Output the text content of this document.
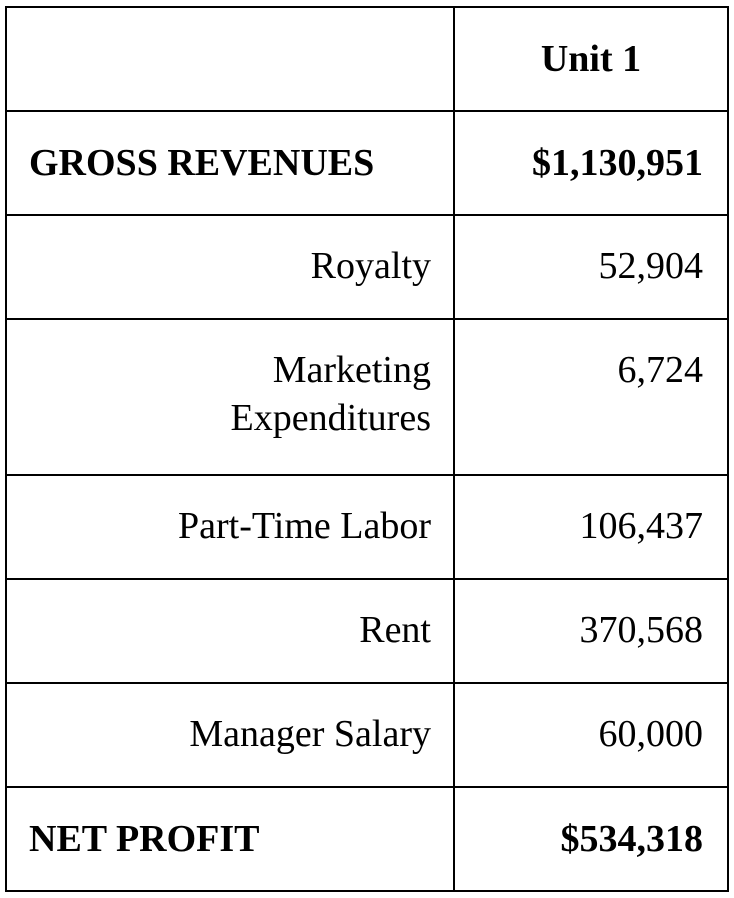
	Unit 1
GROSS REVENUES	$1,130,951
Royalty	52,904
Marketing
Expenditures	6,724
Part-Time Labor	106,437
Rent	370,568
Manager Salary	60,000
NET PROFIT	$534,318
